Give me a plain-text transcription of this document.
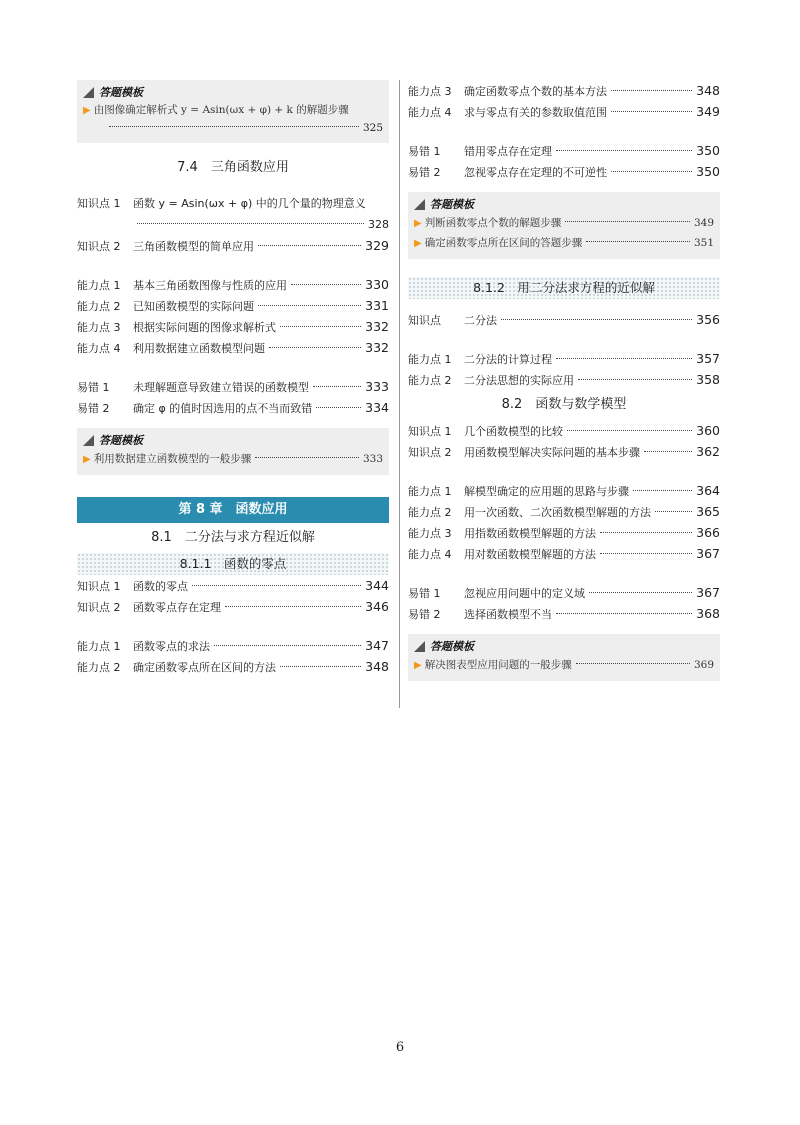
答题模板
▶ 由图像确定解析式 y = Asin(ωx + φ) + k 的解题步骤
325
7.4　三角函数应用
知识点 1	函数 y = Asin(ωx + φ) 中的几个量的物理意义
328
知识点 2	三角函数模型的简单应用	329
能力点 1	基本三角函数图像与性质的应用	330
能力点 2	已知函数模型的实际问题	331
能力点 3	根据实际问题的图像求解析式	332
能力点 4	利用数据建立函数模型问题	332
易错 1	未理解题意导致建立错误的函数模型	333
易错 2	确定 φ 的值时因选用的点不当而致错	334
答题模板
▶ 利用数据建立函数模型的一般步骤	333
第 8 章　函数应用
8.1　二分法与求方程近似解
8.1.1　函数的零点
知识点 1	函数的零点	344
知识点 2	函数零点存在定理	346
能力点 1	函数零点的求法	347
能力点 2	确定函数零点所在区间的方法	348
能力点 3	确定函数零点个数的基本方法	348
能力点 4	求与零点有关的参数取值范围	349
易错 1	错用零点存在定理	350
易错 2	忽视零点存在定理的不可逆性	350
答题模板
▶ 判断函数零点个数的解题步骤	349
▶ 确定函数零点所在区间的答题步骤	351
8.1.2　用二分法求方程的近似解
知识点	二分法	356
能力点 1	二分法的计算过程	357
能力点 2	二分法思想的实际应用	358
8.2　函数与数学模型
知识点 1	几个函数模型的比较	360
知识点 2	用函数模型解决实际问题的基本步骤	362
能力点 1	解模型确定的应用题的思路与步骤	364
能力点 2	用一次函数、二次函数模型解题的方法	365
能力点 3	用指数函数模型解题的方法	366
能力点 4	用对数函数模型解题的方法	367
易错 1	忽视应用问题中的定义域	367
易错 2	选择函数模型不当	368
答题模板
▶ 解决图表型应用问题的一般步骤	369
6
